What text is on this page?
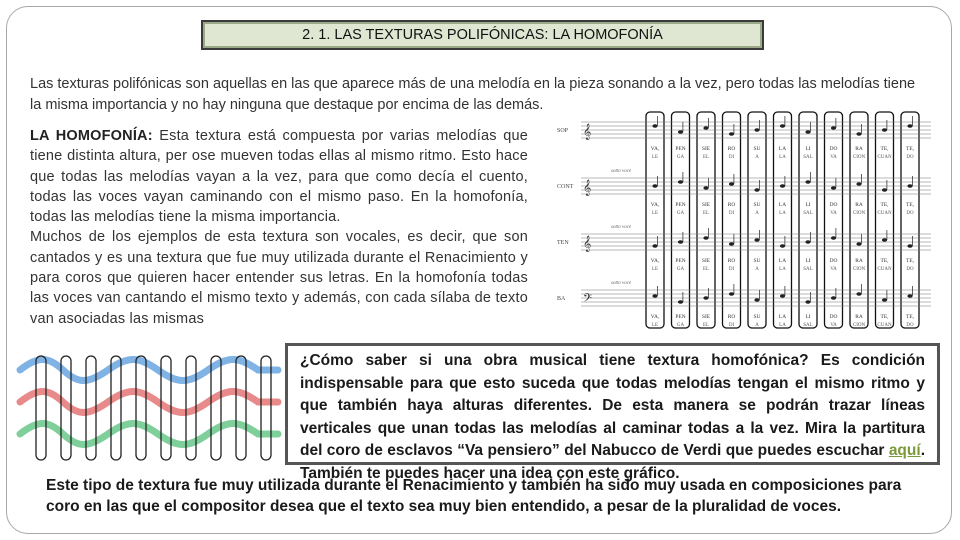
2. 1. LAS TEXTURAS POLIFÓNICAS: LA HOMOFONÍA
Las texturas polifónicas son aquellas en las que aparece más de una melodía en la pieza sonando a la vez, pero todas las melodías tiene la misma importancia y no hay ninguna que destaque por encima de las demás.

LA HOMOFONÍA: Esta textura está compuesta por varias melodías que tiene distinta altura, per ose mueven todas ellas al mismo ritmo. Esto hace que todas las melodías vayan a la vez, para que como decía el cuento, todas las voces vayan caminando con el mismo paso. En la homofonía, todas las melodías tiene la misma importancia.

Muchos de los ejemplos de esta textura son vocales, es decir, que son cantados y es una textura que fue muy utilizada durante el Renacimiento y para coros que quieren hacer entender sus letras. En la homofonía todas las voces van cantando el mismo texto y además, con cada sílaba de texto van asociadas las mismas

SOP 𝄞
VA,
LE
PEN
GA
SIE
EL
RO
DI
SU
A
LA
LA
LI
SAL
DO
VA
RA
CION
TE,
CUAN
TE,
DO
CONT 𝄞
sotto voce
VA,
LE
PEN
GA
SIE
EL
RO
DI
SU
A
LA
LA
LI
SAL
DO
VA
RA
CION
TE,
CUAN
TE,
DO
TEN 𝄞
sotto voce
VA,
LE
PEN
GA
SIE
EL
RO
DI
SU
A
LA
LA
LI
SAL
DO
VA
RA
CION
TE,
CUAN
TE,
DO
BA 𝄢
sotto voce
VA,
LE
PEN
GA
SIE
EL
RO
DI
SU
A
LA
LA
LI
SAL
DO
VA
RA
CION
TE,
CUAN
TE,
DO
¿Cómo saber si una obra musical tiene textura homofónica? Es condición indispensable para que esto suceda que todas melodías tengan el mismo ritmo y que también haya alturas diferentes. De esta manera se podrán trazar líneas verticales que unan todas las melodías al caminar todas a la vez. Mira la partitura del coro de esclavos “Va pensiero” del Nabucco de Verdi que puedes escuchar aquí. También te puedes hacer una idea con este gráfico.
Este tipo de textura fue muy utilizada durante el Renacimiento y también ha sido muy usada en composiciones para coro en las que el compositor desea que el texto sea muy bien entendido, a pesar de la pluralidad de voces.
